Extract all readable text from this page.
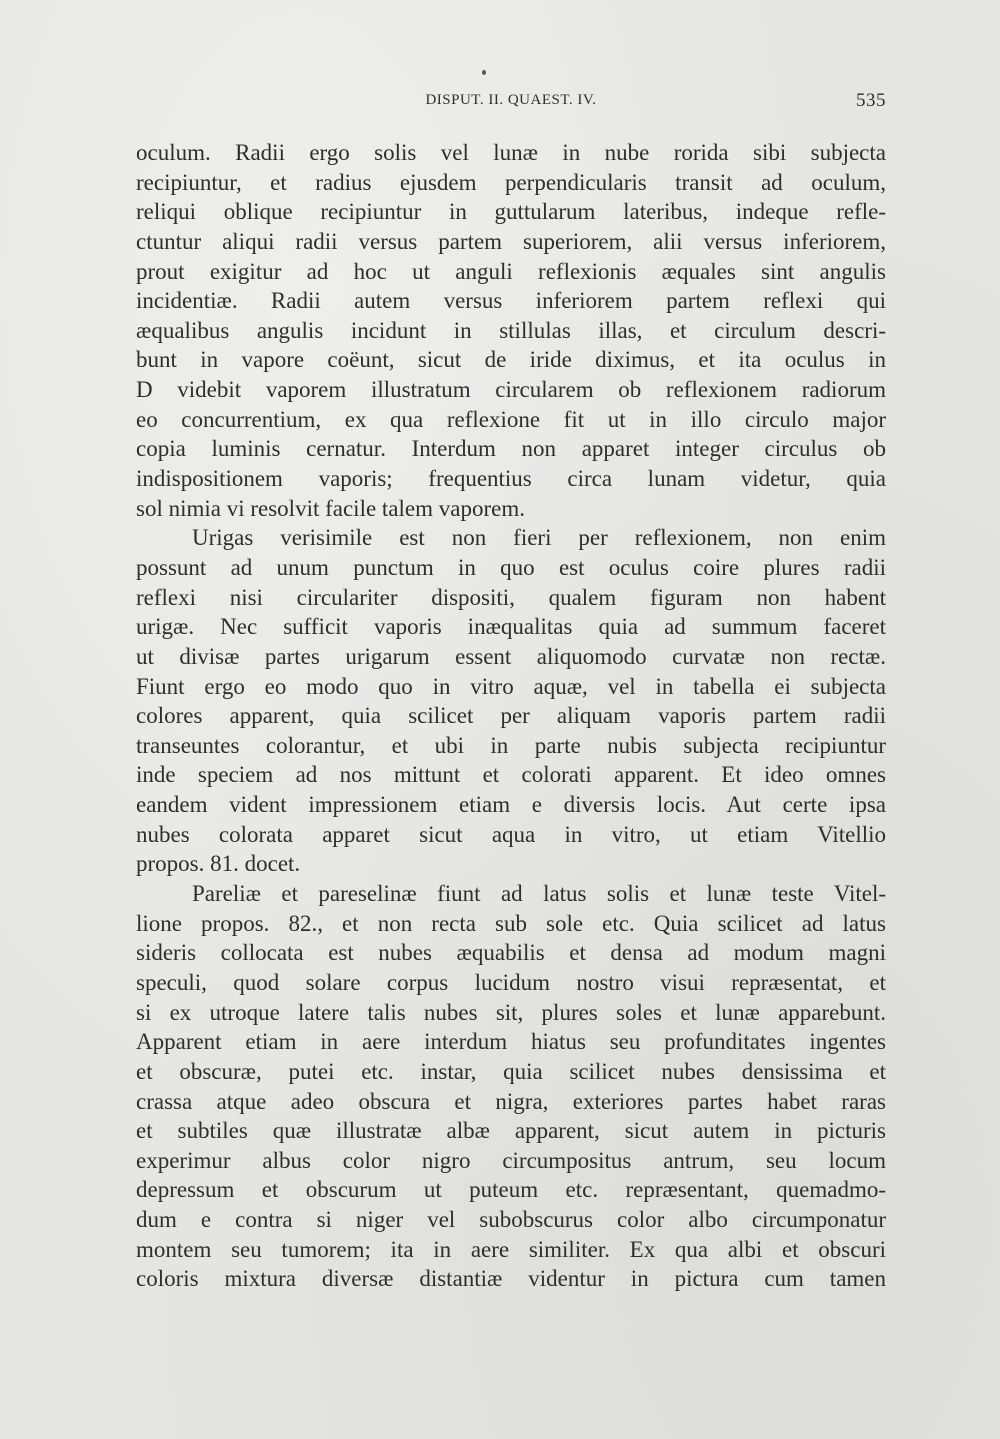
DISPUT. II. QUAEST. IV.	535
oculum. Radii ergo solis vel lunæ in nube rorida sibi subjecta
recipiuntur, et radius ejusdem perpendicularis transit ad oculum,
reliqui oblique recipiuntur in guttularum lateribus, indeque refle-
ctuntur aliqui radii versus partem superiorem, alii versus inferiorem,
prout exigitur ad hoc ut anguli reflexionis æquales sint angulis
incidentiæ. Radii autem versus inferiorem partem reflexi qui
æqualibus angulis incidunt in stillulas illas, et circulum descri-
bunt in vapore coëunt, sicut de iride diximus, et ita oculus in
D videbit vaporem illustratum circularem ob reflexionem radiorum
eo concurrentium, ex qua reflexione fit ut in illo circulo major
copia luminis cernatur. Interdum non apparet integer circulus ob
indispositionem vaporis; frequentius circa lunam videtur, quia
sol nimia vi resolvit facile talem vaporem.
Urigas verisimile est non fieri per reflexionem, non enim
possunt ad unum punctum in quo est oculus coire plures radii
reflexi nisi circulariter dispositi, qualem figuram non habent
urigæ. Nec sufficit vaporis inæqualitas quia ad summum faceret
ut divisæ partes urigarum essent aliquomodo curvatæ non rectæ.
Fiunt ergo eo modo quo in vitro aquæ, vel in tabella ei subjecta
colores apparent, quia scilicet per aliquam vaporis partem radii
transeuntes colorantur, et ubi in parte nubis subjecta recipiuntur
inde speciem ad nos mittunt et colorati apparent. Et ideo omnes
eandem vident impressionem etiam e diversis locis. Aut certe ipsa
nubes colorata apparet sicut aqua in vitro, ut etiam Vitellio
propos. 81. docet.
Pareliæ et pareselinæ fiunt ad latus solis et lunæ teste Vitel-
lione propos. 82., et non recta sub sole etc. Quia scilicet ad latus
sideris collocata est nubes æquabilis et densa ad modum magni
speculi, quod solare corpus lucidum nostro visui repræsentat, et
si ex utroque latere talis nubes sit, plures soles et lunæ apparebunt.
Apparent etiam in aere interdum hiatus seu profunditates ingentes
et obscuræ, putei etc. instar, quia scilicet nubes densissima et
crassa atque adeo obscura et nigra, exteriores partes habet raras
et subtiles quæ illustratæ albæ apparent, sicut autem in picturis
experimur albus color nigro circumpositus antrum, seu locum
depressum et obscurum ut puteum etc. repræsentant, quemadmo-
dum e contra si niger vel subobscurus color albo circumponatur
montem seu tumorem; ita in aere similiter. Ex qua albi et obscuri
coloris mixtura diversæ distantiæ videntur in pictura cum tamen
